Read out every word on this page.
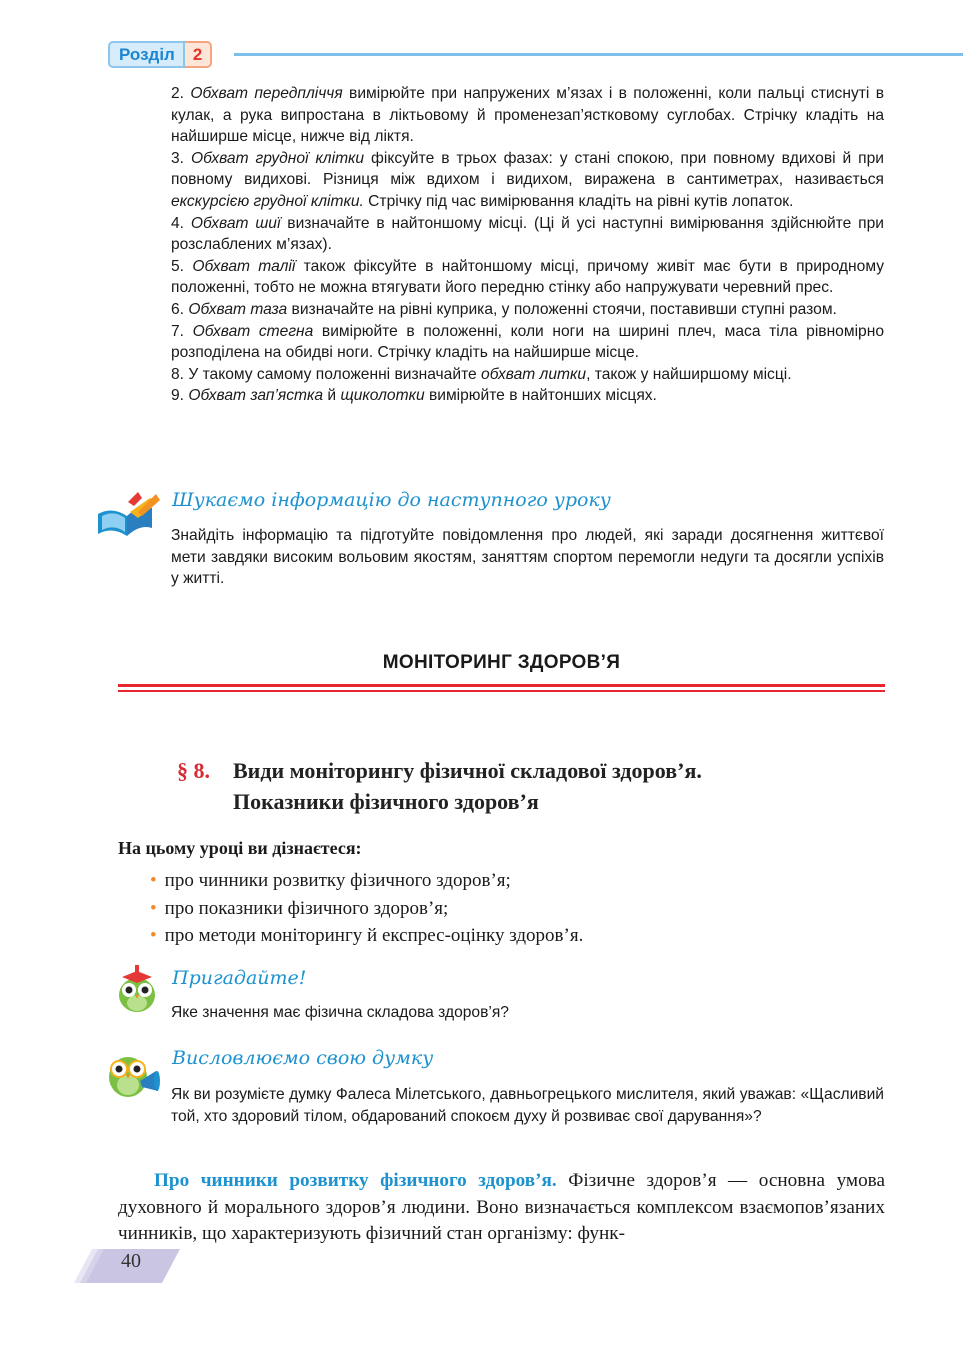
Розділ	2

2. Обхват передпліччя вимірюйте при напружених м’язах і в положенні, коли пальці стиснуті в кулак, а рука випростана в ліктьовому й променезап’ястковому суглобах. Стрічку кладіть на найширше місце, нижче від ліктя.

3. Обхват грудної клітки фіксуйте в трьох фазах: у стані спокою, при повному вдихові й при повному видихові. Різниця між вдихом і видихом, виражена в сантиметрах, називається екскурсією грудної клітки. Стрічку під час вимірювання кладіть на рівні кутів лопаток.

4. Обхват шиї визначайте в найтоншому місці. (Ці й усі наступні вимірювання здійснюйте при розслаблених м’язах).

5. Обхват талії також фіксуйте в найтоншому місці, причому живіт має бути в природному положенні, тобто не можна втягувати його передню стінку або напружувати черевний прес.

6. Обхват таза визначайте на рівні куприка, у положенні стоячи, поставивши ступні разом.

7. Обхват стегна вимірюйте в положенні, коли ноги на ширині плеч, маса тіла рівномірно розподілена на обидві ноги. Стрічку кладіть на найширше місце.

8. У такому самому положенні визначайте обхват литки, також у найширшому місці.

9. Обхват зап’ястка й щиколотки вимірюйте в найтонших місцях.

Шукаємо інформацію до наступного уроку
Знайдіть інформацію та підготуйте повідомлення про людей, які заради досягнення життєвої мети завдяки високим вольовим якостям, заняттям спортом перемогли недуги та досягли успіхів у житті.
МОНІТОРИНГ ЗДОРОВ’Я
§ 8. Види моніторингу фізичної складової здоров’я.
Показники фізичного здоров’я
На цьому уроці ви дізнаєтеся:
• про чинники розвитку фізичного здоров’я;
• про показники фізичного здоров’я;
• про методи моніторингу й експрес-оцінку здоров’я.
Пригадайте!
Яке значення має фізична складова здоров’я?
Висловлюємо свою думку
Як ви розумієте думку Фалеса Мілетського, давньогрецького мислителя, який уважав: «Щасливий той, хто здоровий тілом, обдарований спокоєм духу й розвиває свої дарування»?
Про чинники розвитку фізичного здоров’я. Фізичне здоров’я — основна умова духовного й морального здоров’я людини. Воно визначається комплексом взаємопов’язаних чинників, що характеризують фізичний стан організму: функ-
40
